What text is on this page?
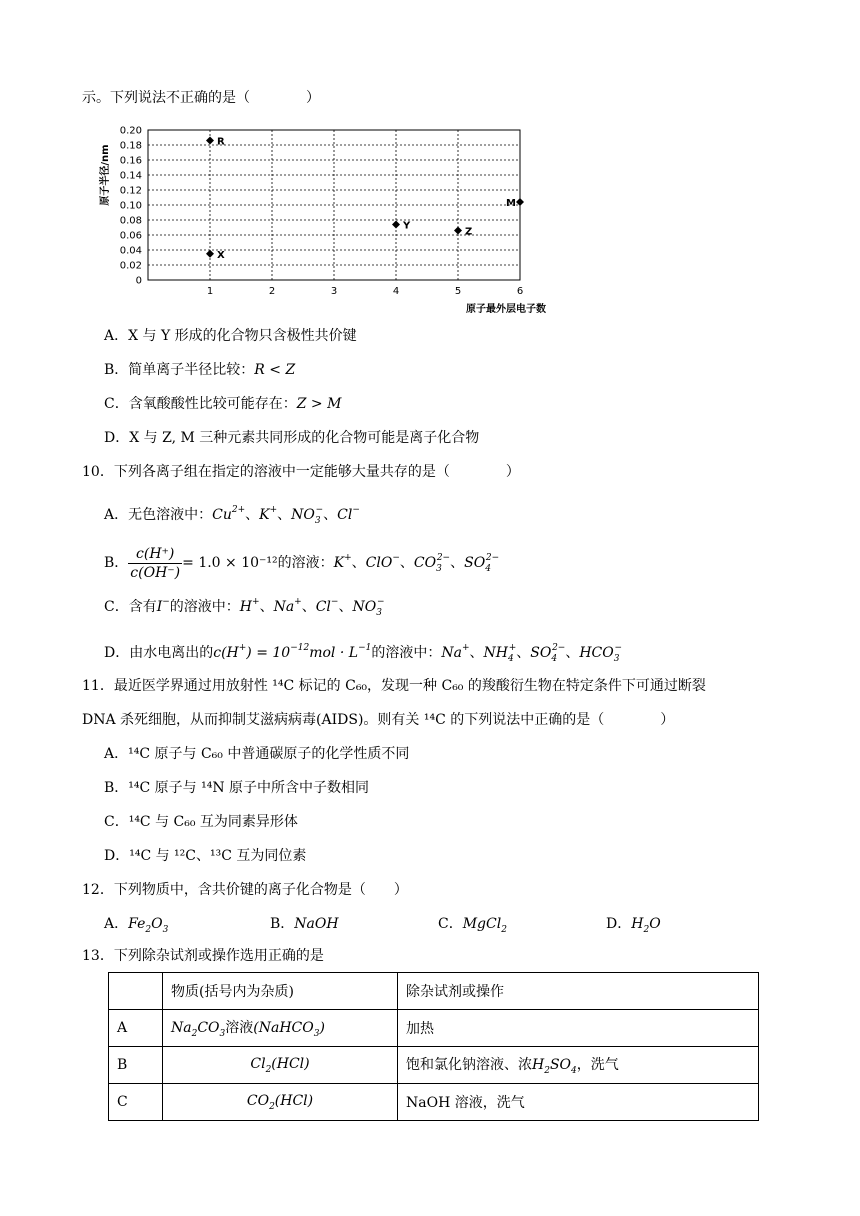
示。下列说法不正确的是（　　　　）
0
0.02
0.04
0.06
0.08
0.10
0.12
0.14
0.16
0.18
0.20
1	2	3	4	5	6
原子最外层电子数
原子半径/nm
R
X
Y
Z
M
A．X 与 Y 形成的化合物只含极性共价键
B．简单离子半径比较：R < Z
C．含氧酸酸性比较可能存在：Z > M
D．X 与 Z, M 三种元素共同形成的化合物可能是离子化合物
10．下列各离子组在指定的溶液中一定能够大量共存的是（　　　　）
A．无色溶液中：$Cu^{2+}$、K+、$NO_3^-$、Cl−
B． $\frac{c(H^+)}{c(OH^-)} = 1.0 \times 10^{-12}$的溶液：K+、ClO−、$CO_3^{2-}$、$SO_4^{2-}$
C．含有I−的溶液中：H+、Na+、Cl−、$NO_3^-$
D．由水电离出的$c(H^+) = 10^{-12}mol \cdot L^{-1}$的溶液中：Na+、$NH_4^+$、$SO_4^{2-}$、$HCO_3^-$
11．最近医学界通过用放射性 ¹⁴C 标记的 C₆₀，发现一种 C₆₀ 的羧酸衍生物在特定条件下可通过断裂
DNA 杀死细胞，从而抑制艾滋病病毒(AIDS)。则有关 ¹⁴C 的下列说法中正确的是（　　　　）
A．¹⁴C 原子与 C₆₀ 中普通碳原子的化学性质不同
B．¹⁴C 原子与 ¹⁴N 原子中所含中子数相同
C．¹⁴C 与 C₆₀ 互为同素异形体
D．¹⁴C 与 ¹²C、¹³C 互为同位素
12．下列物质中，含共价键的离子化合物是（　　）
A．$Fe_2O_3$	B．NaOH	C．MgCl$_2$	D．$H_2O$
13．下列除杂试剂或操作选用正确的是
	物质(括号内为杂质)	除杂试剂或操作
A	$Na_2CO_3$溶液(NaHCO$_3$)	加热
B	$Cl_2(HCl)$	饱和氯化钠溶液、浓$H_2SO_4$，洗气
C	$CO_2(HCl)$	NaOH 溶液，洗气
